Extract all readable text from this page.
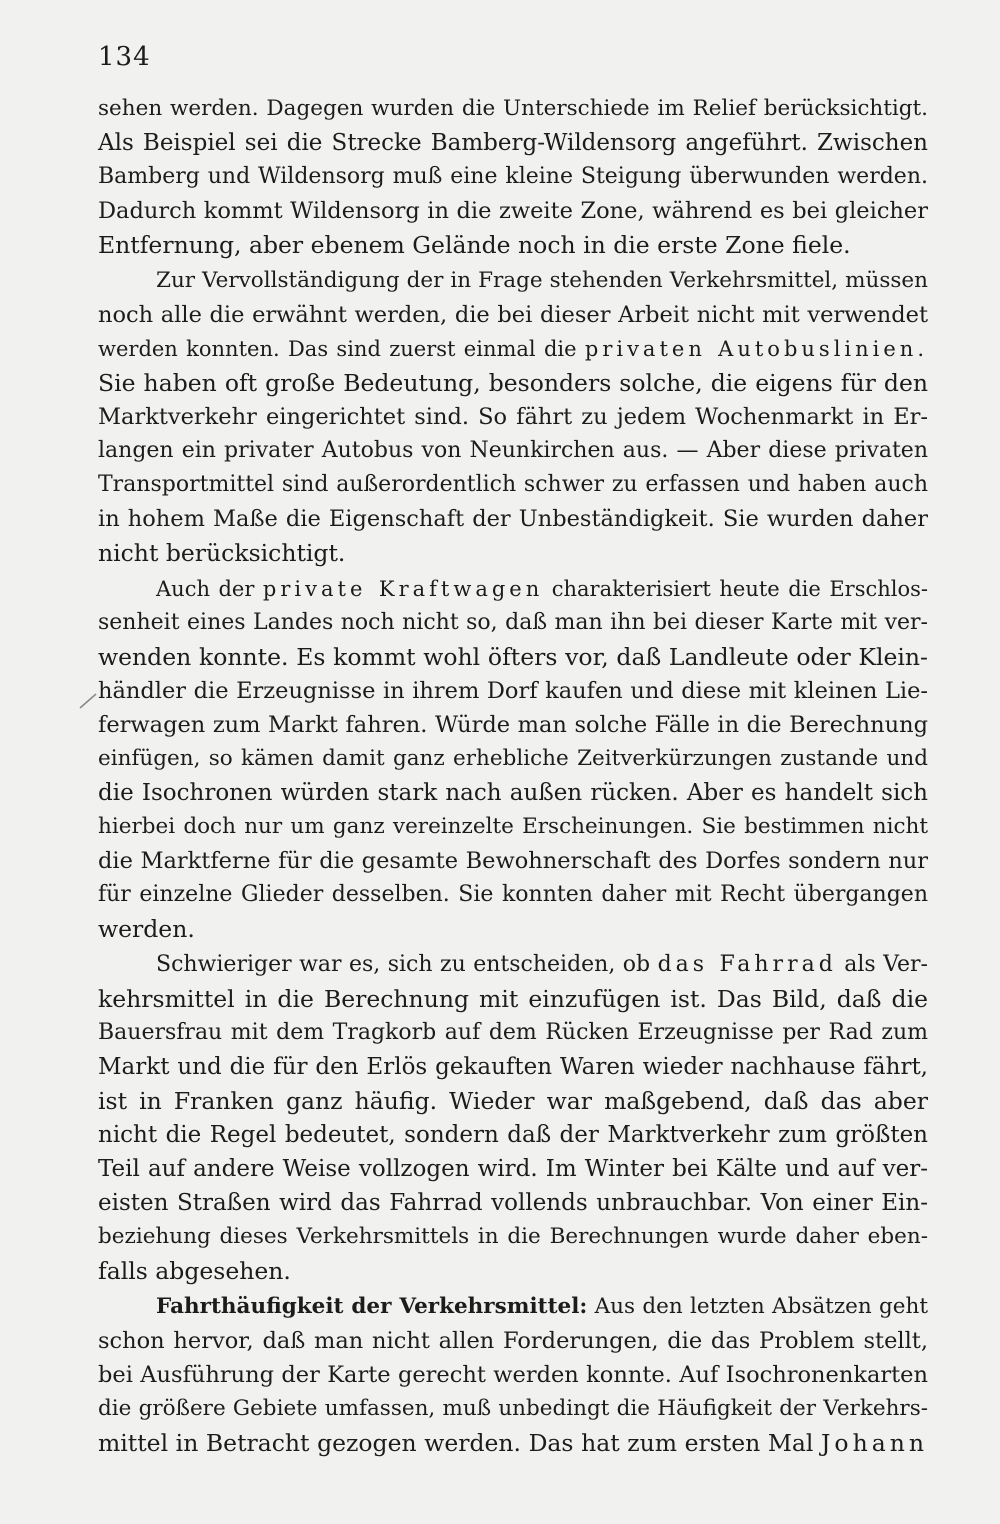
134
sehen werden. Dagegen wurden die Unterschiede im Relief berücksichtigt.
Als Beispiel sei die Strecke Bamberg-Wildensorg angeführt. Zwischen
Bamberg und Wildensorg muß eine kleine Steigung überwunden werden.
Dadurch kommt Wildensorg in die zweite Zone, während es bei gleicher
Entfernung, aber ebenem Gelände noch in die erste Zone fiele.
Zur Vervollständigung der in Frage stehenden Verkehrsmittel, müssen
noch alle die erwähnt werden, die bei dieser Arbeit nicht mit verwendet
werden konnten. Das sind zuerst einmal die privaten Autobuslinien.
Sie haben oft große Bedeutung, besonders solche, die eigens für den
Marktverkehr eingerichtet sind. So fährt zu jedem Wochenmarkt in Er-
langen ein privater Autobus von Neunkirchen aus. — Aber diese privaten
Transportmittel sind außerordentlich schwer zu erfassen und haben auch
in hohem Maße die Eigenschaft der Unbeständigkeit. Sie wurden daher
nicht berücksichtigt.
Auch der private Kraftwagen charakterisiert heute die Erschlos-
senheit eines Landes noch nicht so, daß man ihn bei dieser Karte mit ver-
wenden konnte. Es kommt wohl öfters vor, daß Landleute oder Klein-
händler die Erzeugnisse in ihrem Dorf kaufen und diese mit kleinen Lie-
ferwagen zum Markt fahren. Würde man solche Fälle in die Berechnung
einfügen, so kämen damit ganz erhebliche Zeitverkürzungen zustande und
die Isochronen würden stark nach außen rücken. Aber es handelt sich
hierbei doch nur um ganz vereinzelte Erscheinungen. Sie bestimmen nicht
die Marktferne für die gesamte Bewohnerschaft des Dorfes sondern nur
für einzelne Glieder desselben. Sie konnten daher mit Recht übergangen
werden.
Schwieriger war es, sich zu entscheiden, ob das Fahrrad als Ver-
kehrsmittel in die Berechnung mit einzufügen ist. Das Bild, daß die
Bauersfrau mit dem Tragkorb auf dem Rücken Erzeugnisse per Rad zum
Markt und die für den Erlös gekauften Waren wieder nachhause fährt,
ist in Franken ganz häufig. Wieder war maßgebend, daß das aber
nicht die Regel bedeutet, sondern daß der Marktverkehr zum größten
Teil auf andere Weise vollzogen wird. Im Winter bei Kälte und auf ver-
eisten Straßen wird das Fahrrad vollends unbrauchbar. Von einer Ein-
beziehung dieses Verkehrsmittels in die Berechnungen wurde daher eben-
falls abgesehen.
Fahrthäufigkeit der Verkehrsmittel: Aus den letzten Absätzen geht
schon hervor, daß man nicht allen Forderungen, die das Problem stellt,
bei Ausführung der Karte gerecht werden konnte. Auf Isochronenkarten
die größere Gebiete umfassen, muß unbedingt die Häufigkeit der Verkehrs-
mittel in Betracht gezogen werden. Das hat zum ersten Mal Johann
